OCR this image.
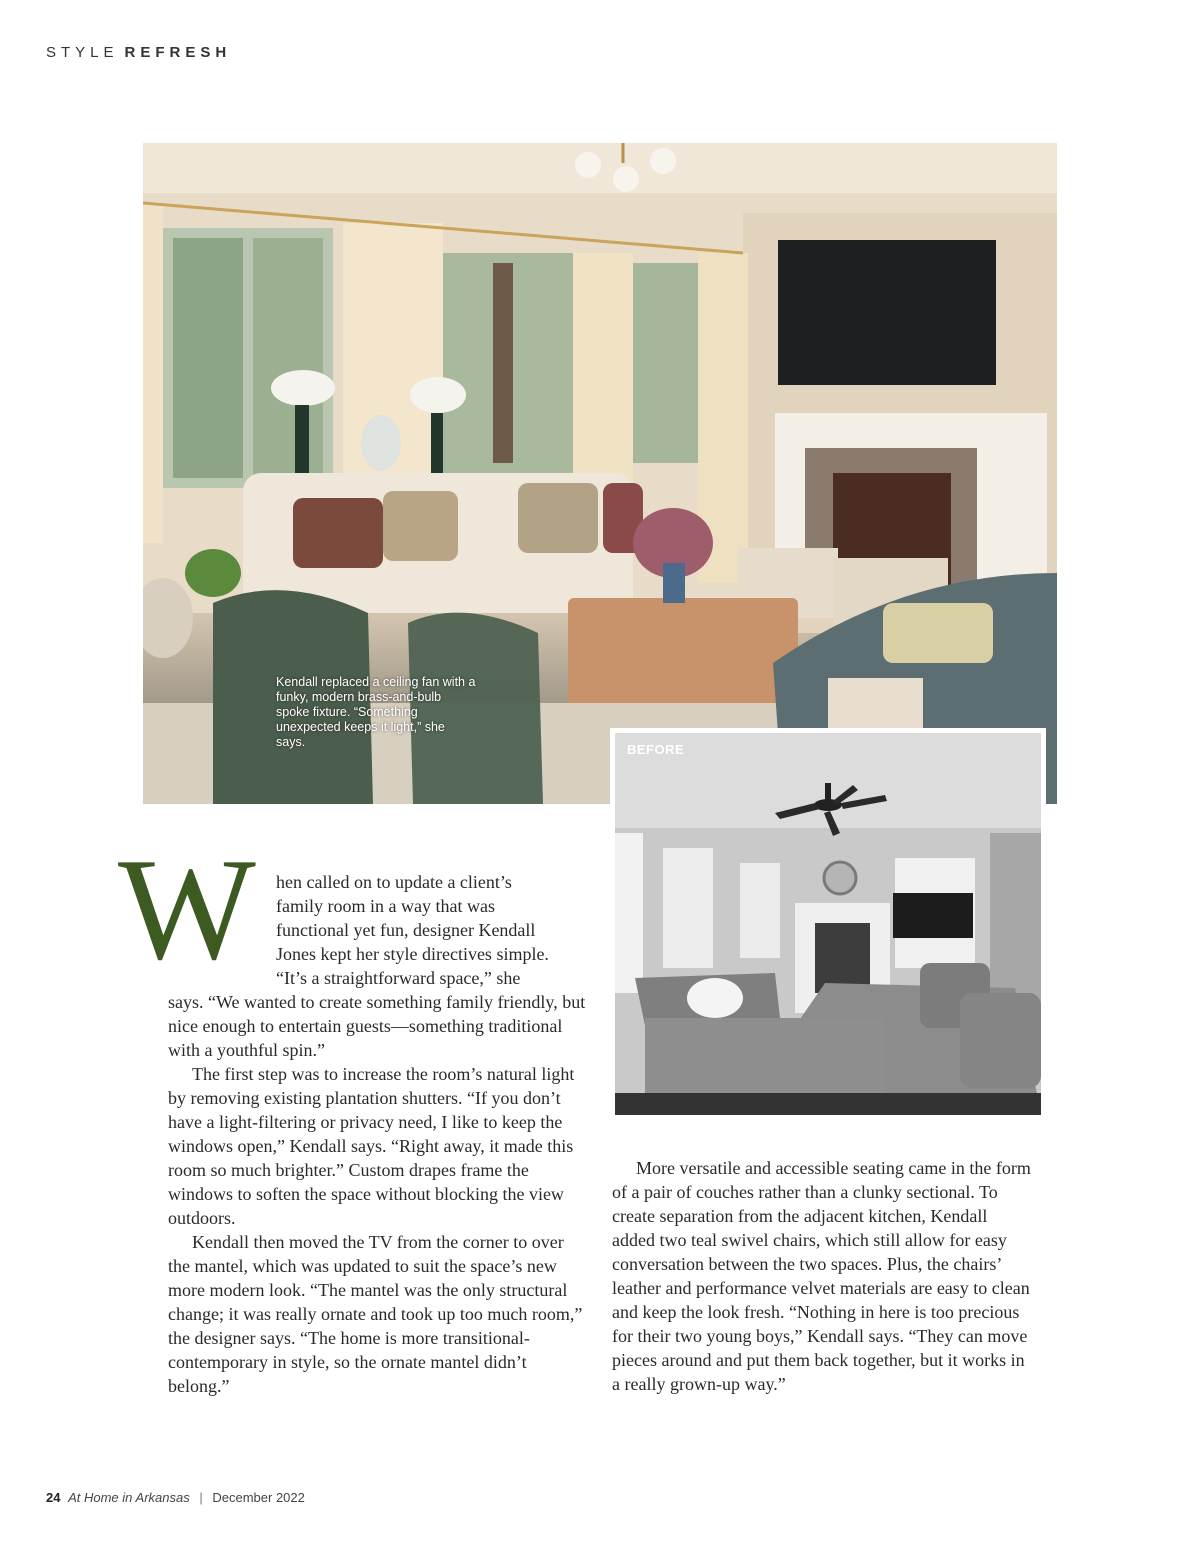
STYLE REFRESH
Kendall replaced a ceiling fan with a funky, modern brass-and-bulb spoke fixture. “Something unexpected keeps it light,” she says.	BEFORE
W hen called on to update a client’s
family room in a way that was
functional yet fun, designer Kendall
Jones kept her style directives simple.
“It’s a straightforward space,” she

says. “We wanted to create something family friendly, but nice enough to entertain guests—something traditional with a youthful spin.”

The first step was to increase the room’s natural light by removing existing plantation shutters. “If you don’t have a light-filtering or privacy need, I like to keep the windows open,” Kendall says. “Right away, it made this room so much brighter.” Custom drapes frame the windows to soften the space without blocking the view outdoors.

Kendall then moved the TV from the corner to over the mantel, which was updated to suit the space’s new more modern look. “The mantel was the only structural change; it was really ornate and took up too much room,” the designer says. “The home is more transitional-contemporary in style, so the ornate mantel didn’t belong.”

More versatile and accessible seating came in the form of a pair of couches rather than a clunky sectional. To create separation from the adjacent kitchen, Kendall added two teal swivel chairs, which still allow for easy conversation between the two spaces. Plus, the chairs’ leather and performance velvet materials are easy to clean and keep the look fresh. “Nothing in here is too precious for their two young boys,” Kendall says. “They can move pieces around and put them back together, but it works in a really grown-up way.”

24 At Home in Arkansas | December 2022
